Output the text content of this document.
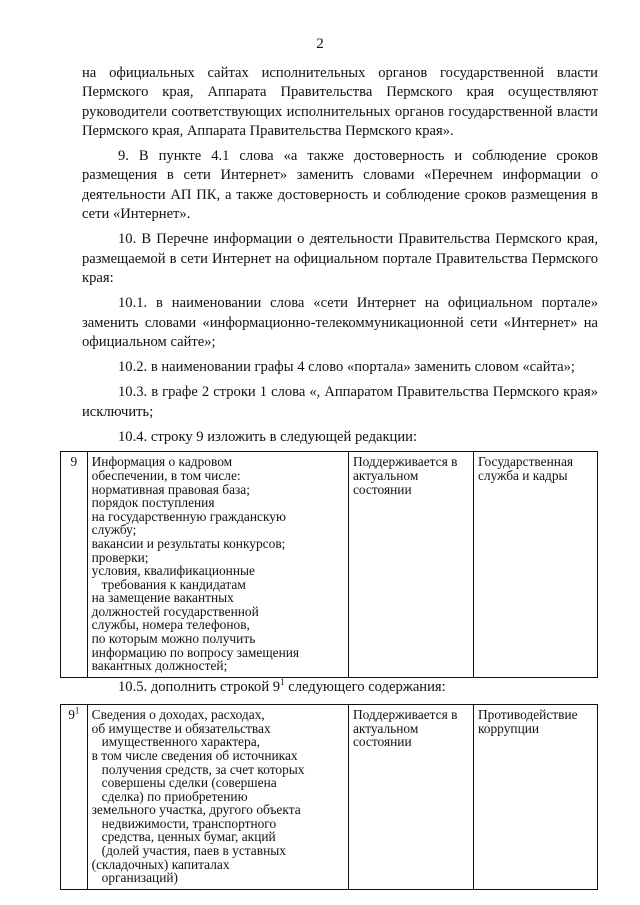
2

на официальных сайтах исполнительных органов государственной власти Пермского края, Аппарата Правительства Пермского края осуществляют руководители соответствующих исполнительных органов государственной власти Пермского края, Аппарата Правительства Пермского края».

9. В пункте 4.1 слова «а также достоверность и соблюдение сроков размещения в сети Интернет» заменить словами «Перечнем информации о деятельности АП ПК, а также достоверность и соблюдение сроков размещения в сети «Интернет».

10. В Перечне информации о деятельности Правительства Пермского края, размещаемой в сети Интернет на официальном портале Правительства Пермского края:

10.1. в наименовании слова «сети Интернет на официальном портале» заменить словами «информационно-телекоммуникационной сети «Интернет» на официальном сайте»;

10.2. в наименовании графы 4 слово «портала» заменить словом «сайта»;

10.3. в графе 2 строки 1 слова «, Аппаратом Правительства Пермского края» исключить;

10.4. строку 9 изложить в следующей редакции:

9	Информация о кадровом
обеспечении, в том числе:
нормативная правовая база;
порядок поступления
на государственную гражданскую
службу;
вакансии и результаты конкурсов;
проверки;
условия, квалификационные
требования к кандидатам
на замещение вакантных
должностей государственной
службы, номера телефонов,
по которым можно получить
информацию по вопросу замещения
вакантных должностей;
	Поддерживается в актуальном состоянии	Государственная служба и кадры

10.5. дополнить строкой $9^1$ следующего содержания:

$9^1$	Сведения о доходах, расходах,
об имуществе и обязательствах
имущественного характера,
в том числе сведения об источниках
получения средств, за счет которых
совершены сделки (совершена
сделка) по приобретению
земельного участка, другого объекта
недвижимости, транспортного
средства, ценных бумаг, акций
(долей участия, паев в уставных
(складочных) капиталах
организаций)
	Поддерживается в актуальном состоянии	Противодействие коррупции
